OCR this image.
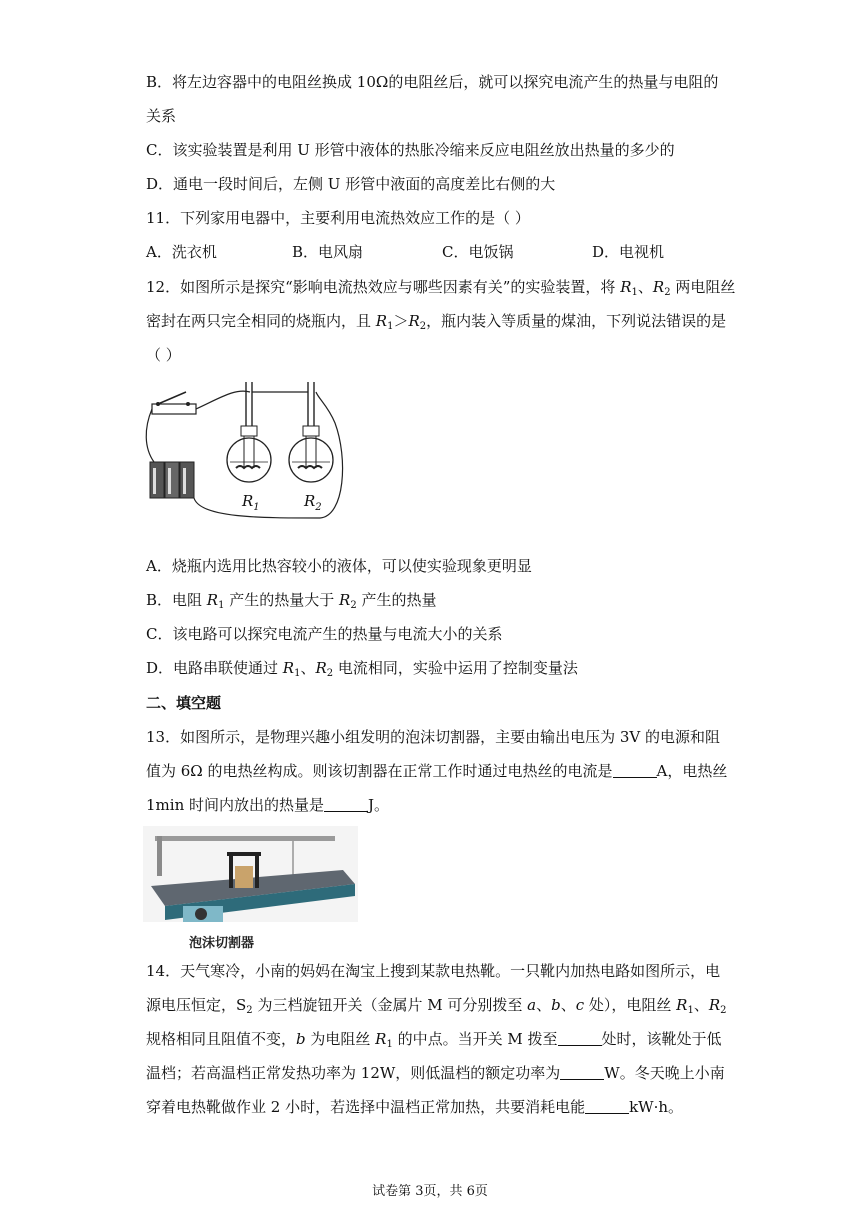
B．将左边容器中的电阻丝换成 10Ω的电阻丝后，就可以探究电流产生的热量与电阻的
关系
C．该实验装置是利用 U 形管中液体的热胀冷缩来反应电阻丝放出热量的多少的
D．通电一段时间后，左侧 U 形管中液面的高度差比右侧的大
11．下列家用电器中，主要利用电流热效应工作的是（ ）
A．洗衣机	B．电风扇	C．电饭锅	D．电视机
12．如图所示是探究“影响电流热效应与哪些因素有关”的实验装置，将 $R_1$、$R_2$ 两电阻丝
密封在两只完全相同的烧瓶内，且 $R_1>R_2$，瓶内装入等质量的煤油，下列说法错误的是
（ ）
$R_1$	$R_2$
A．烧瓶内选用比热容较小的液体，可以使实验现象更明显
B．电阻 $R_1$ 产生的热量大于 $R_2$ 产生的热量
C．该电路可以探究电流产生的热量与电流大小的关系
D．电路串联使通过 $R_1$、$R_2$ 电流相同，实验中运用了控制变量法
二、填空题
13．如图所示，是物理兴趣小组发明的泡沫切割器，主要由输出电压为 3V 的电源和阻
值为 6Ω 的电热丝构成。则该切割器在正常工作时通过电热丝的电流是	A，电热丝
1min 时间内放出的热量是	J。
泡沫切割器
14．天气寒冷，小南的妈妈在淘宝上搜到某款电热靴。一只靴内加热电路如图所示，电
源电压恒定，$S_2$ 为三档旋钮开关（金属片 M 可分别拨至 a、b、c 处），电阻丝 $R_1$、$R_2$
规格相同且阻值不变，b 为电阻丝 $R_1$ 的中点。当开关 M 拨至	处时，该靴处于低
温档；若高温档正常发热功率为 12W，则低温档的额定功率为	W。冬天晚上小南
穿着电热靴做作业 2 小时，若选择中温档正常加热，共要消耗电能	kW·h。
试卷第 3页，共 6页
